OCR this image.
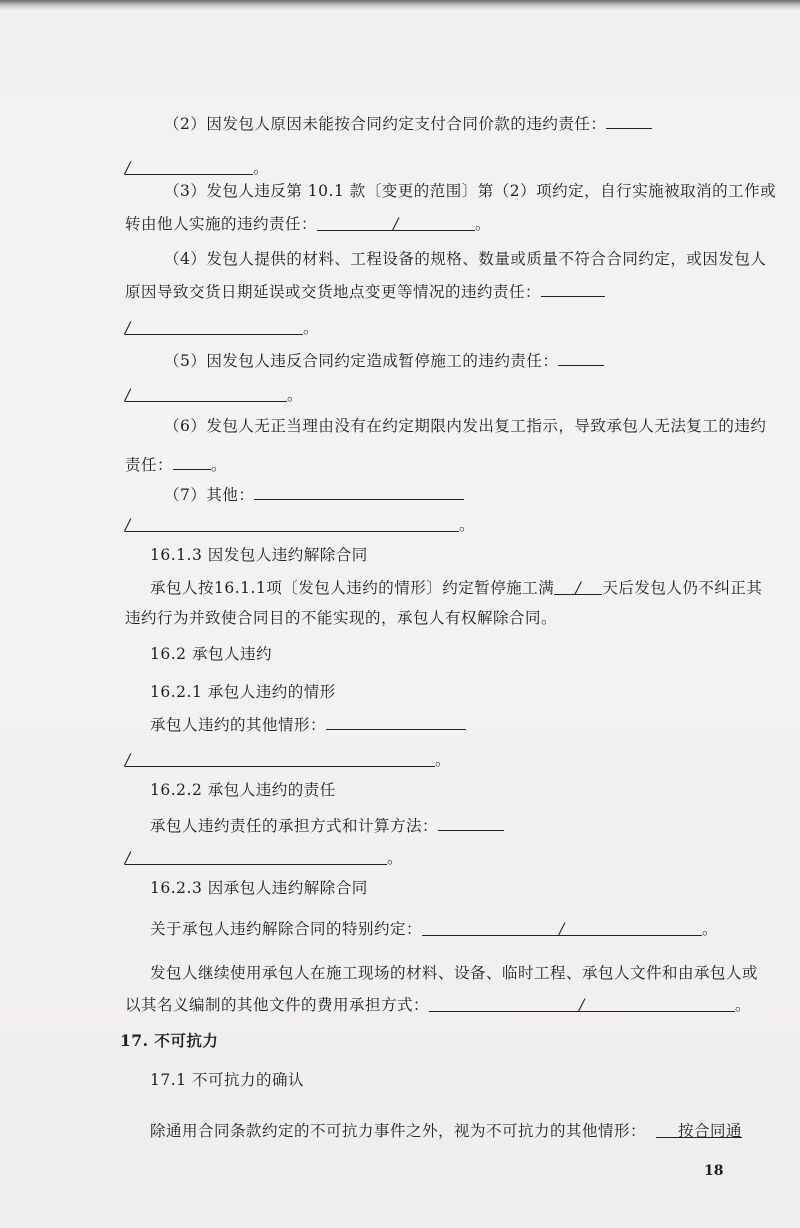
（2）因发包人原因未能按合同约定支付合同价款的违约责任：
/	。
（3）发包人违反第 10.1 款〔变更的范围〕第（2）项约定，自行实施被取消的工作或
转由他人实施的违约责任：	/	。
（4）发包人提供的材料、工程设备的规格、数量或质量不符合合同约定，或因发包人
原因导致交货日期延误或交货地点变更等情况的违约责任：
/	。
（5）因发包人违反合同约定造成暂停施工的违约责任：
/	。
（6）发包人无正当理由没有在约定期限内发出复工指示，导致承包人无法复工的违约
责任： 。
（7）其他：
/	。
16.1.3 因发包人违约解除合同
承包人按16.1.1项〔发包人违约的情形〕约定暂停施工满 / 天后发包人仍不纠正其
违约行为并致使合同目的不能实现的，承包人有权解除合同。
16.2 承包人违约
16.2.1 承包人违约的情形
承包人违约的其他情形：
/	。
16.2.2 承包人违约的责任
承包人违约责任的承担方式和计算方法：
/	。
16.2.3 因承包人违约解除合同
关于承包人违约解除合同的特别约定：	/	。
发包人继续使用承包人在施工现场的材料、设备、临时工程、承包人文件和由承包人或
以其名义编制的其他文件的费用承担方式：	/	。
17. 不可抗力
17.1 不可抗力的确认
除通用合同条款约定的不可抗力事件之外，视为不可抗力的其他情形： 按合同通
18
